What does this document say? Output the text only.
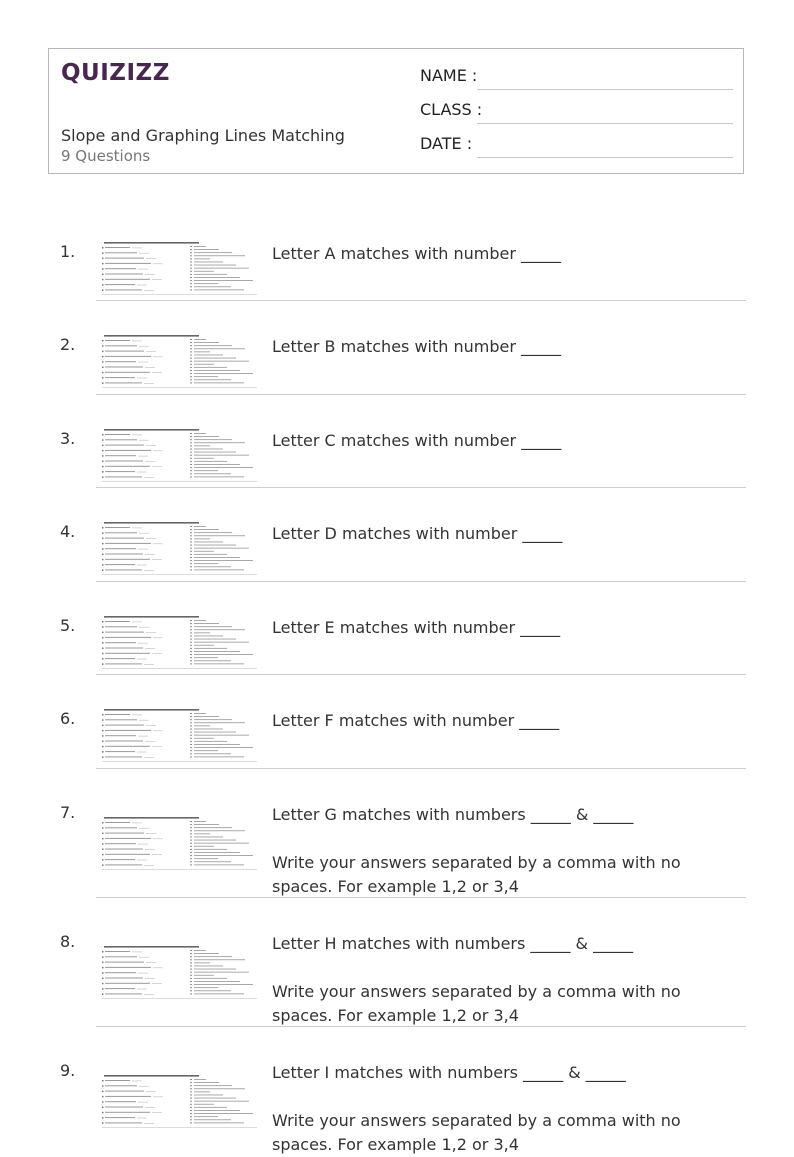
QUIZIZZ
Slope and Graphing Lines Matching
9 Questions
NAME :
CLASS :
DATE :
1.	Letter A matches with number _____

2.	Letter B matches with number _____

3.	Letter C matches with number _____

4.	Letter D matches with number _____

5.	Letter E matches with number _____

6.	Letter F matches with number _____

7.	Letter G matches with numbers _____ & _____

Write your answers separated by a comma with no spaces. For example 1,2 or 3,4

8.	Letter H matches with numbers _____ & _____

Write your answers separated by a comma with no spaces. For example 1,2 or 3,4

9.	Letter I matches with numbers _____ & _____

Write your answers separated by a comma with no spaces. For example 1,2 or 3,4
